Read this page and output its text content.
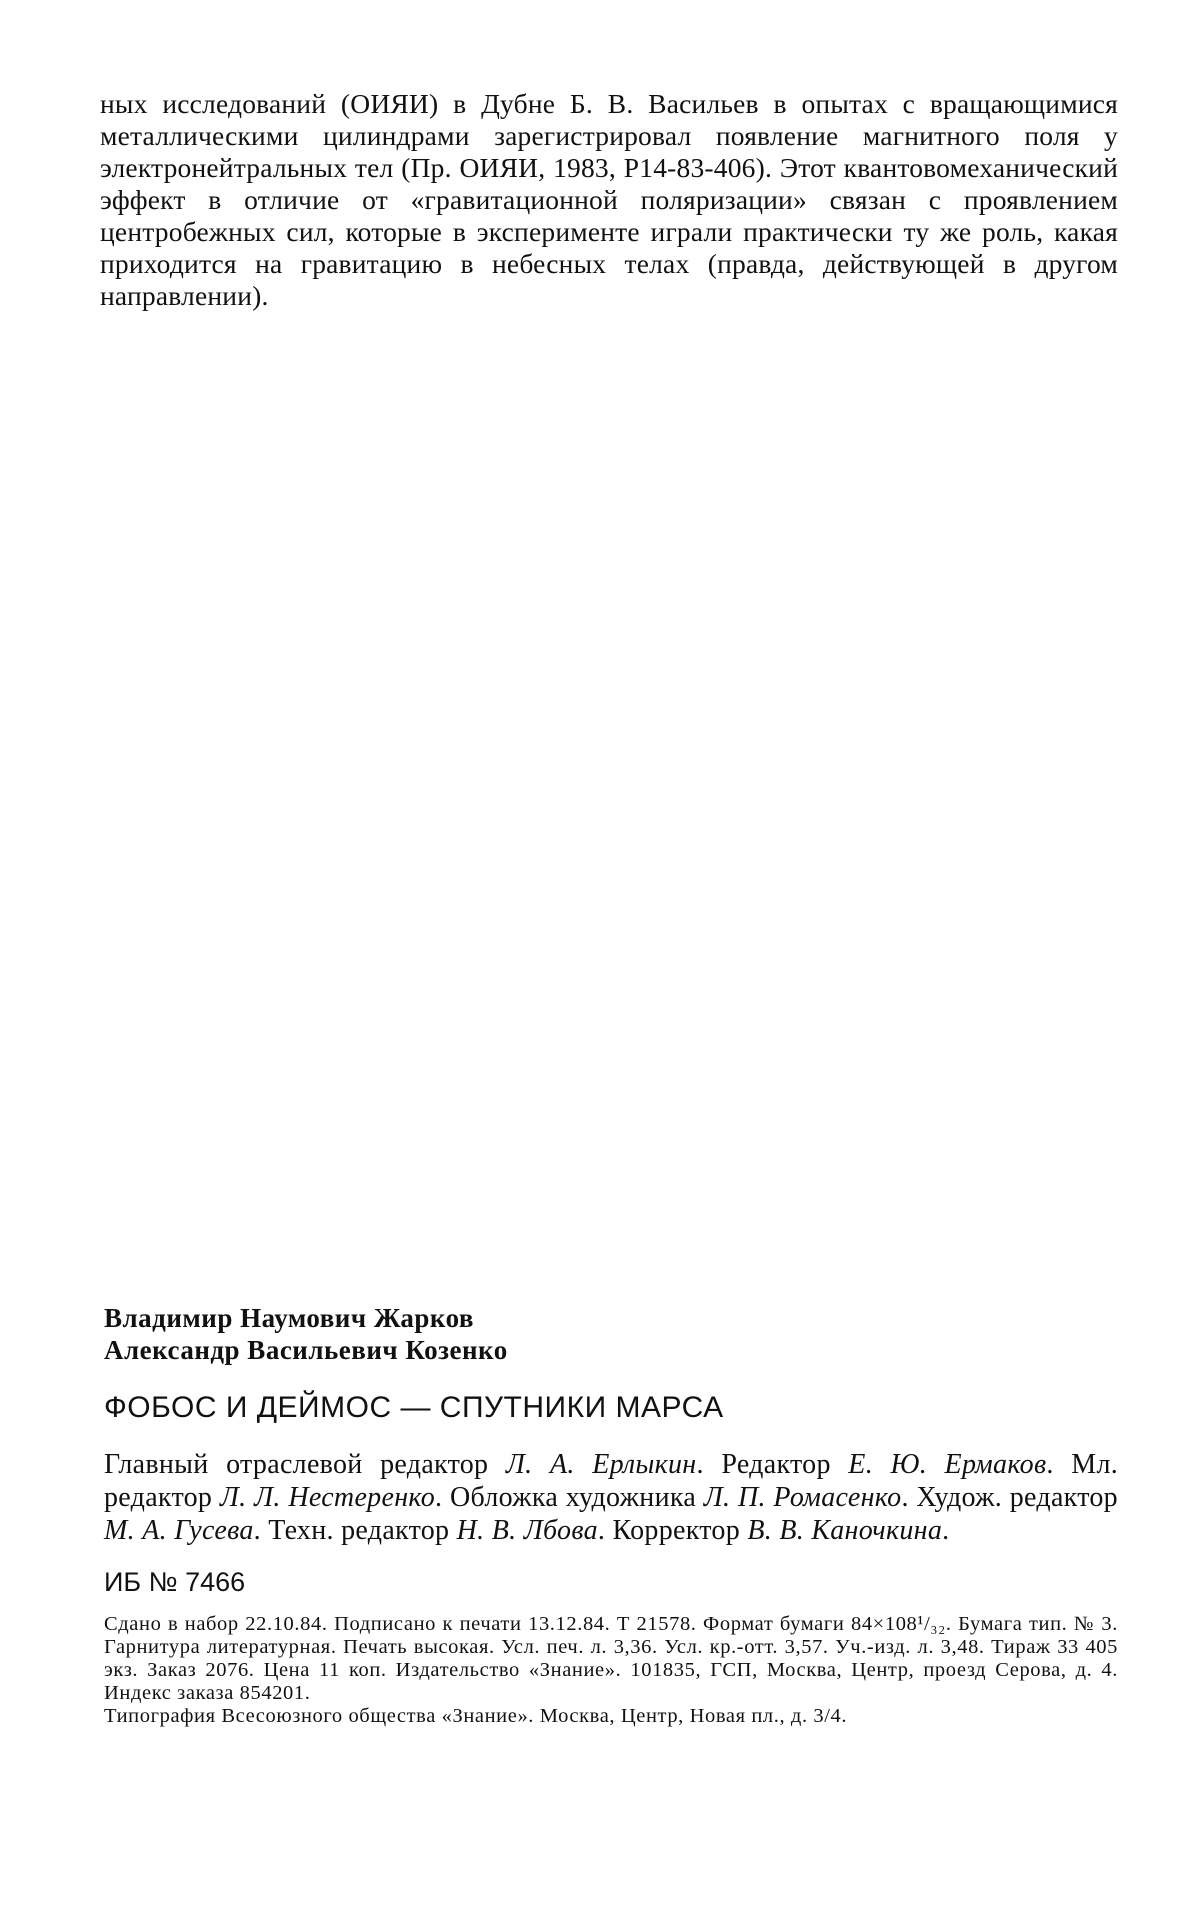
ных исследований (ОИЯИ) в Дубне Б. В. Васильев в опытах с вращающимися металлическими цилиндрами зарегистрировал появление магнитного поля у электронейтральных тел (Пр. ОИЯИ, 1983, Р14-83-406). Этот квантовомеханический эффект в отличие от «гравитационной поляризации» связан с проявлением центробежных сил, которые в эксперименте играли практически ту же роль, какая приходится на гравитацию в небесных телах (правда, действующей в другом направлении).

Владимир Наумович Жарков

Александр Васильевич Козенко

ФОБОС И ДЕЙМОС — СПУТНИКИ МАРСА

Главный отраслевой редактор Л. А. Ерлыкин. Редактор Е. Ю. Ермаков. Мл. редактор Л. Л. Нестеренко. Обложка художника Л. П. Ромасенко. Худож. редактор М. А. Гусева. Техн. редактор Н. В. Лбова. Корректор В. В. Каночкина.

ИБ № 7466

Сдано в набор 22.10.84. Подписано к печати 13.12.84. Т 21578. Формат бумаги 84×108¹/₃₂. Бумага тип. № 3. Гарнитура литературная. Печать высокая. Усл. печ. л. 3,36. Усл. кр.-отт. 3,57. Уч.-изд. л. 3,48. Тираж 33 405 экз. Заказ 2076. Цена 11 коп. Издательство «Знание». 101835, ГСП, Москва, Центр, проезд Серова, д. 4. Индекс заказа 854201.

Типография Всесоюзного общества «Знание». Москва, Центр, Новая пл., д. 3/4.
